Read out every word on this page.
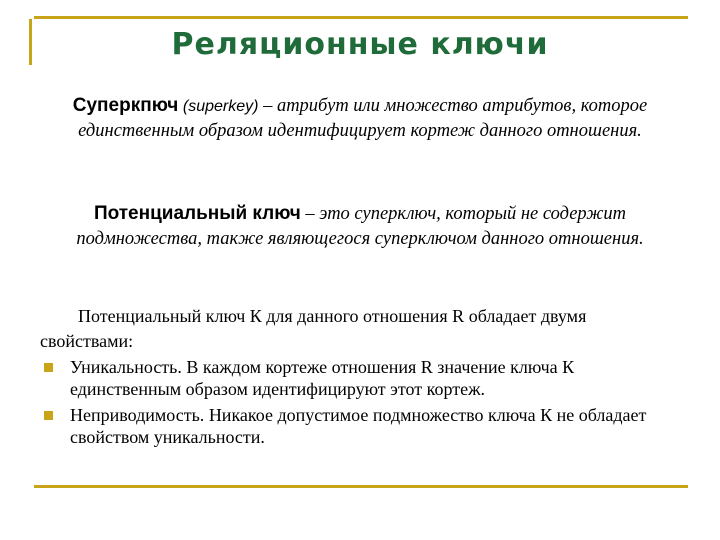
Реляционные ключи
Суперкпюч (superkey) – атрибут или множество атрибутов, которое единственным образом идентифицирует кортеж данного отношения.
Потенциальный ключ – это суперключ, который не содержит подмножества, также являющегося суперключом данного отношения.
Потенциальный ключ К для данного отношения R обладает двумя свойствами:
Уникальность. В каждом кортеже отношения R значение ключа К единственным образом идентифицируют этот кортеж.
Неприводимость. Никакое допустимое подмножество ключа К не обладает свойством уникальности.
